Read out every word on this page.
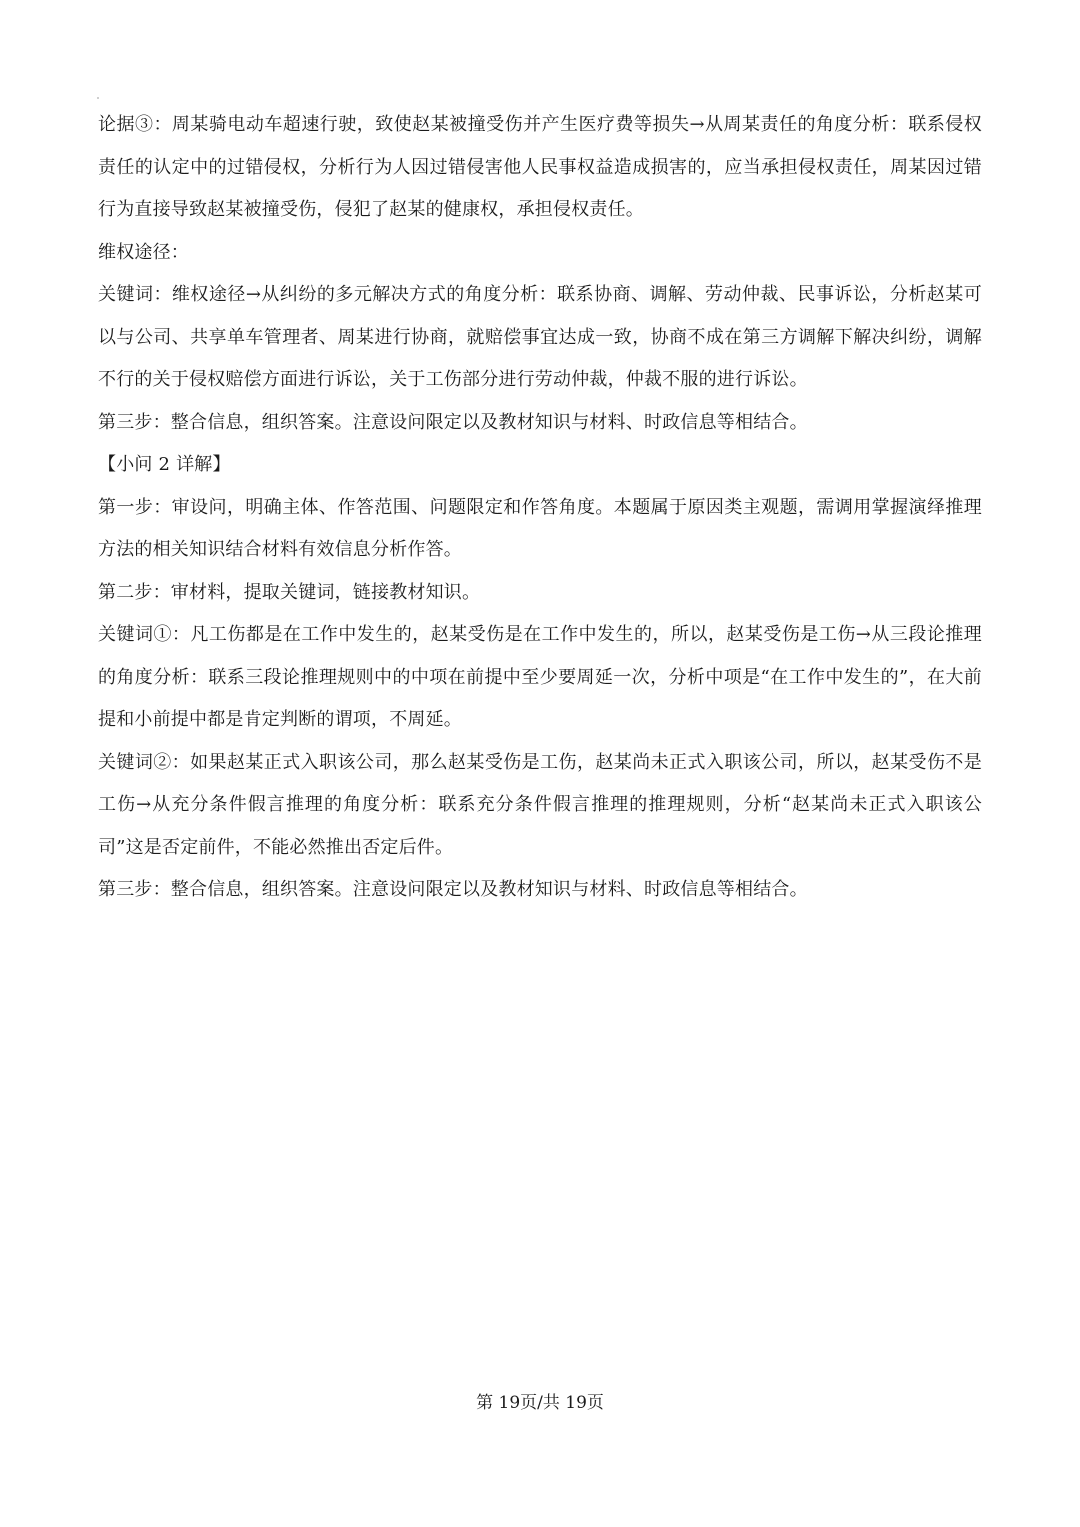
论据③：周某骑电动车超速行驶，致使赵某被撞受伤并产生医疗费等损失→从周某责任的角度分析：联系侵权责任的认定中的过错侵权，分析行为人因过错侵害他人民事权益造成损害的，应当承担侵权责任，周某因过错行为直接导致赵某被撞受伤，侵犯了赵某的健康权，承担侵权责任。

维权途径：

关键词：维权途径→从纠纷的多元解决方式的角度分析：联系协商、调解、劳动仲裁、民事诉讼，分析赵某可以与公司、共享单车管理者、周某进行协商，就赔偿事宜达成一致，协商不成在第三方调解下解决纠纷，调解不行的关于侵权赔偿方面进行诉讼，关于工伤部分进行劳动仲裁，仲裁不服的进行诉讼。

第三步：整合信息，组织答案。注意设问限定以及教材知识与材料、时政信息等相结合。

【小问 2 详解】

第一步：审设问，明确主体、作答范围、问题限定和作答角度。本题属于原因类主观题，需调用掌握演绎推理方法的相关知识结合材料有效信息分析作答。

第二步：审材料，提取关键词，链接教材知识。

关键词①：凡工伤都是在工作中发生的，赵某受伤是在工作中发生的，所以，赵某受伤是工伤→从三段论推理的角度分析：联系三段论推理规则中的中项在前提中至少要周延一次，分析中项是“在工作中发生的”，在大前提和小前提中都是肯定判断的谓项，不周延。

关键词②：如果赵某正式入职该公司，那么赵某受伤是工伤，赵某尚未正式入职该公司，所以，赵某受伤不是工伤→从充分条件假言推理的角度分析：联系充分条件假言推理的推理规则，分析“赵某尚未正式入职该公司”这是否定前件，不能必然推出否定后件。

第三步：整合信息，组织答案。注意设问限定以及教材知识与材料、时政信息等相结合。

第 19页/共 19页
